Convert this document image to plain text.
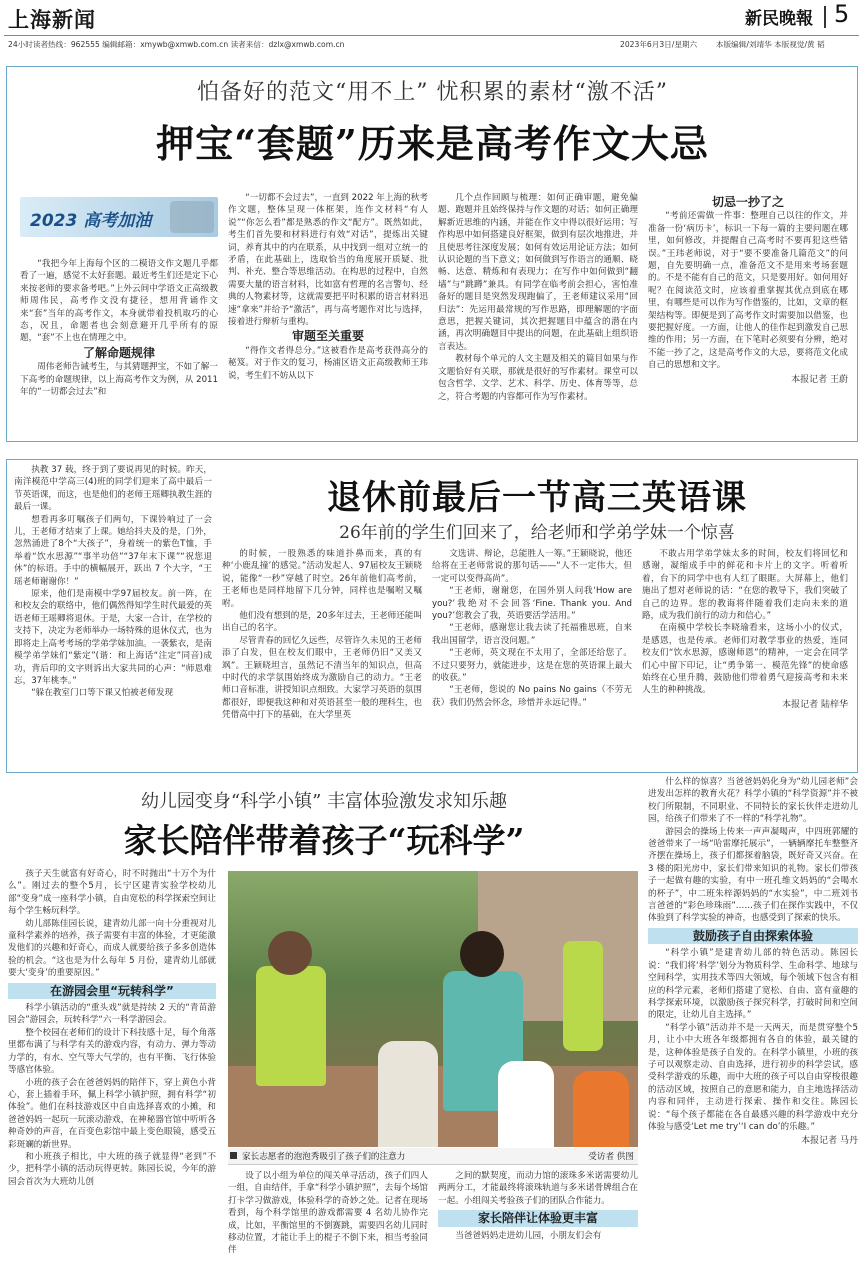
上海新闻	新民晚報 5
24小时读者热线：962555 编辑邮箱：xmywb@xmwb.com.cn 读者来信：dzlx@xmwb.com.cn	2023年6月3日/星期六 本版编辑/刘靖华 本版视觉/黄 韬
怕备好的范文“用不上” 忧积累的素材“激不活”
押宝“套题”历来是高考作文大忌
2023 高考加油

“我把今年上海每个区的二模语文作文题几乎都看了一遍，感觉不太好套题。最近考生们还是定下心来按老师的要求备考吧。”上外云间中学语文正高级教师周伟民，高考作文没有捷径，想用背诵作文来“套”当年的高考作文，本身就带着投机取巧的心态，况且，命题者也会刻意避开几乎所有的原题，“套”不上也在情理之中。

了解命题规律

周伟老师告诫考生，与其猜题押宝，不如了解一下高考的命题规律，以上海高考作文为例，从 2011 年的“一切都会过去”和

“一切都不会过去”，一直到 2022 年上海的秋考作文题，整体呈现一体框架，连作文材料“有人说”“你怎么看”都是熟悉的作文“配方”。既然如此，考生们首先要和材料进行有效“对话”，提炼出关键词，养育其中的内在联系，从中找到一组对立统一的矛盾，在此基础上，选取恰当的角度展开质疑、批判、补充、整合等思维活动。在构思的过程中，自然需要大量的语言材料，比如富有哲理的名言警句、经典的人物素材等，这就需要把平时积累的语言材料迅速“拿来”并给予“激活”，再与高考题作对比与选择，接着进行辩析与重构。

审题至关重要

“得作文者得总分。”这被看作是高考获得高分的秘笈。对于作文的复习，杨浦区语文正高级教师王玮说，考生们不妨从以下

几个点作回顾与梳理：如何正确审题，避免偏题、跑题并且始终保持与作文题的对话；如何正确理解新近思维的内涵，并能在作文中得以很好运用；写作构思中如何搭建良好框架，做到有层次地推进，并且使思考往深度发展；如何有效运用论证方法；如何认识论题的当下意义；如何做到写作语言的通顺、晓畅、达意、精炼和有表现力；在写作中如何做到“翻墙”与“跳蹲”兼具。有同学在临考前会担心，害怕准备好的题目是突然发现跑偏了，王老师建议采用“回归法”：先运用最常规的写作思路，即理解题的字面意思，把握关键词，其次把握题目中蕴含的潜在内涵，再次明确题目中提出的问题，在此基础上组织语言表达。

教材每个单元的人文主题及相关的篇目如果与作文题恰好有关联，那就是很好的写作素材。课堂可以包含哲学、文学、艺术、科学、历史、体育等等，总之，符合考题的内容都可作为写作素材。

切忌一抄了之

“考前还需做一件事：整理自己以往的作文，并准备一份‘病历卡’，标识一下每一篇的主要问题在哪里，如何修改，并提醒自己高考时不要再犯这些错误。”王玮老师说，对于“要不要准备几篇范文”的问题，自先要明确一点，准备范文不是用来考场套题的。不是不能有自己的范文，只是要用好。如何用好呢？在阅读范文时，应该着重掌握其优点到底在哪里，有哪些是可以作为写作借鉴的，比如，文章的框架结构等。即便是到了高考作文时需要加以借鉴，也要把握好度。一方面，让他人的佳作起到激发自己思维的作用；另一方面，在下笔时必须要有分辨，绝对不能一抄了之，这是高考作文的大忌，要将范文化成自己的思想和文字。

本报记者 王蔚

执教 37 载，终于到了要说再见的时候。昨天，南洋模范中学高三(4)班的同学们迎来了高中最后一节英语课，而这，也是他们的老师王瑶卿执教生涯的最后一课。

想看再多叮嘱孩子们两句，下课铃响过了一会儿，王老师才结束了上课。她给抖夫及的是，门外，忽然涌进了8个“大孩子”，身着统一的紫色T恤，手举着“饮水思源”“事半功倍”“37年末下课”“祝您退休”的标语。手中的横幅展开，跃出 7 个大字，“王瑶老师谢谢你！”

原来，他们是南模中学97届校友。前一阵，在和校友会的联络中，他们偶然得知学生时代最爱的英语老师王瑶卿将退休。于是，大家一合计，在学校的支持下，决定为老师举办一场特殊的退休仪式，也为即将走上高考考场的学弟学妹加油。一袭紫衣，是南模学弟学妹们“紫定”(谐：和上海话“注定”同音)成功，背后印的文字则诉出大家共同的心声：“师恩难忘，37年桃李。”

“躲在教室门口等下课又怕被老师发现

退休前最后一节高三英语课
26年前的学生们回来了，给老师和学弟学妹一个惊喜

的时候，一股熟悉的味道扑鼻而来，真的有种‘小鹿乱撞’的感觉。”活动发起人、97届校友王颖晓说，能像“一秒”穿越了时空。26年前他们高考前，王老师也是同样地留下几分钟，同样也是嘱咐又嘱咐。

他们没有想到的是，20多年过去，王老师还能叫出自己的名字。

尽管青春的回忆久远些，尽管许久未见的王老师添了白发，但在校友们眼中，王老师仍旧“又美又飒”。王颖晓坦言，虽然记不清当年的知识点，但高中时代的求学氛围始终成为激励自己的动力。“王老师口音标准，讲授知识点细致。大家学习英语的氛围都很好，即便我这种和对英语甚至一般的理科生，也凭借高中打下的基础，在大学里英

文选讲、辩论，总能胜人一筹。”王颖晓说，他还给将在王老师常说的那句话——“人不一定伟大，但一定可以变得高尚”。

“王老师，谢谢您，在国外别人问我‘How are you?’我绝对不会回答‘Fine. Thank you. And you?’您教会了我，英语要活学活用。”

“王老师，感谢您让我去读了托福雅思班，自来我出国留学，语言没问题。”

“王老师，英文现在不太用了，全部还给您了。不过只要努力，就能进步，这是在您的英语课上最大的收获。”

“王老师，您说的 No pains No gains（不劳无获）我们仍然会怀念，珍惜并永远记得。”

不敢占用学弟学妹太多的时间，校友们将回忆和感谢，凝缩成手中的鲜花和卡片上的文字。听着听着，台下的同学中也有人红了眼眶。大屏幕上，他们施出了想对老师说的话：“在您的教导下，我们突破了自己的边界。您的教诲将伴随着我们走向未来的道路，成为我们前行的动力和信心。”

在南模中学校长李晓瑜看来，这场小小的仪式，是感恩，也是传承。老师们对教学事业的热爱，连同校友们“饮水思源，感谢师恩”的精神，一定会在同学们心中留下印记，让“勇争第一、模范先锋”的使命感始终在心里升腾，鼓励他们带着勇气迎接高考和未来人生的种种挑战。

本报记者 陆梓华
幼儿园变身“科学小镇” 丰富体验激发求知乐趣
家长陪伴带着孩子“玩科学”

孩子天生就富有好奇心，时不时抛出“十万个为什么”。刚过去的整个5月，长宁区建青实验学校幼儿部“变身”成一座科学小镇，自由宽松的科学探索空间让每个学生畅玩科学。

幼儿部陈佳园长说，建青幼儿部一向十分重视对儿童科学素养的培养，孩子需要有丰富的体验，才更能激发他们的兴趣和好奇心，而成人就要给孩子多多创造体验的机会。“这也是为什么每年 5 月份，建青幼儿部就要大‘变身’的重要原因。”

在游园会里“玩转科学”

科学小镇活动的“重头戏”就是持续 2 天的“青苗游园会”游园会，玩转科学“六一科学游园会。

整个校园在老师们的设计下科技感十足，每个角落里都布满了与科学有关的游戏内容，有动力、弹力等动力学的，有水、空气等大气学的，也有平衡、飞行体验等感官体验。

小班的孩子会在爸爸妈妈的陪伴下，穿上黄色小背心，套上插着手环，佩上科学小镇护照，拥有科学“初体验”。他们在科技游戏区中自由选择喜欢的小摊，和爸爸妈妈一起玩一玩滚动游戏，在神秘器官馆中听听各种奇妙的声音，在百变色彩馆中最上变色眼镜，感受五彩斑斓的新世界。

和小班孩子相比，中大班的孩子就显得“老到”不少，把科学小镇的活动玩得更转。陈园长说，今年的游园会首次为大班幼儿创

家长志愿者的泡泡秀吸引了孩子们的注意力	受访者 供图

设了以小组为单位的闯关单寻活动，孩子们四人一组，自由结伴，手拿“科学小镇护照”，去每个场馆打卡学习做游戏，体验科学的奇妙之处。记者在现场看到，每个科学馆里的游戏都需要 4 名幼儿协作完成，比如，平衡馆里的不倒赛跳，需要四名幼儿同时移动位置，才能让手上的棍子不倒下来，相当考验同伴

之间的默契度，而动力馆的滚珠多米诺需要幼儿两两分工，才能最终将滚珠轨道与多米诺骨牌组合在一起。小组闯关考验孩子们的团队合作能力。

家长陪伴让体验更丰富

当爸爸妈妈走进幼儿园，小朋友们会有

什么样的惊喜？当爸爸妈妈化身为“幼儿园老师”会进发出怎样的教育火花？科学小镇的“科学资源”并不被校门所限制，不同职业、不同特长的家长伙伴走进幼儿园，给孩子们带来了不一样的“科学礼物”。

游园会的操场上传来一声声凝喝声，中四班郭耀的爸爸带来了一场“哈雷摩托展示”，一辆辆摩托车整整齐齐摆在操场上，孩子们都探着脑袋，既好奇又兴奋。在 3 楼的阳光房中，家长们带来知识的礼物。家长们带孩子一起做有趣的实验，有中一班孔维文妈妈的“会喝水的杯子”，中二班朱梓源妈妈的“水实验”，中二班刘书言爸爸的“彩色珍珠雨”……孩子们在探作实践中，不仅体验到了科学实验的神奇，也感受到了探索的快乐。

鼓励孩子自由探索体验

“科学小镇”是建青幼儿部的特色活动。陈园长说：“我们将‘科学’划分为物质科学、生命科学、地球与空间科学，实用技术等四大领域，每个领域下包含有相应的科学元素，老师们搭建了宽松、自由、富有童趣的科学探索环境，以激励孩子探究科学，打破时间和空间的限定，让幼儿自主选择。”

“科学小镇”活动并不是一天两天，而是贯穿整个5月，让小中大班各年级都拥有各自的体验，最关键的是，这种体验是孩子自发的。在科学小镇里，小班的孩子可以观察走动、自由选择，进行初步的科学尝试，感受科学游戏的乐趣，而中大班的孩子可以自由穿梭很趣的活动区域，按照自己的意愿和能力，自主地选择活动内容和同伴，主动进行探索、操作和交往。陈园长说：“每个孩子都能在各自最感兴趣的科学游戏中充分体验与感受‘Let me try’‘I can do’的乐趣。”

本报记者 马丹
